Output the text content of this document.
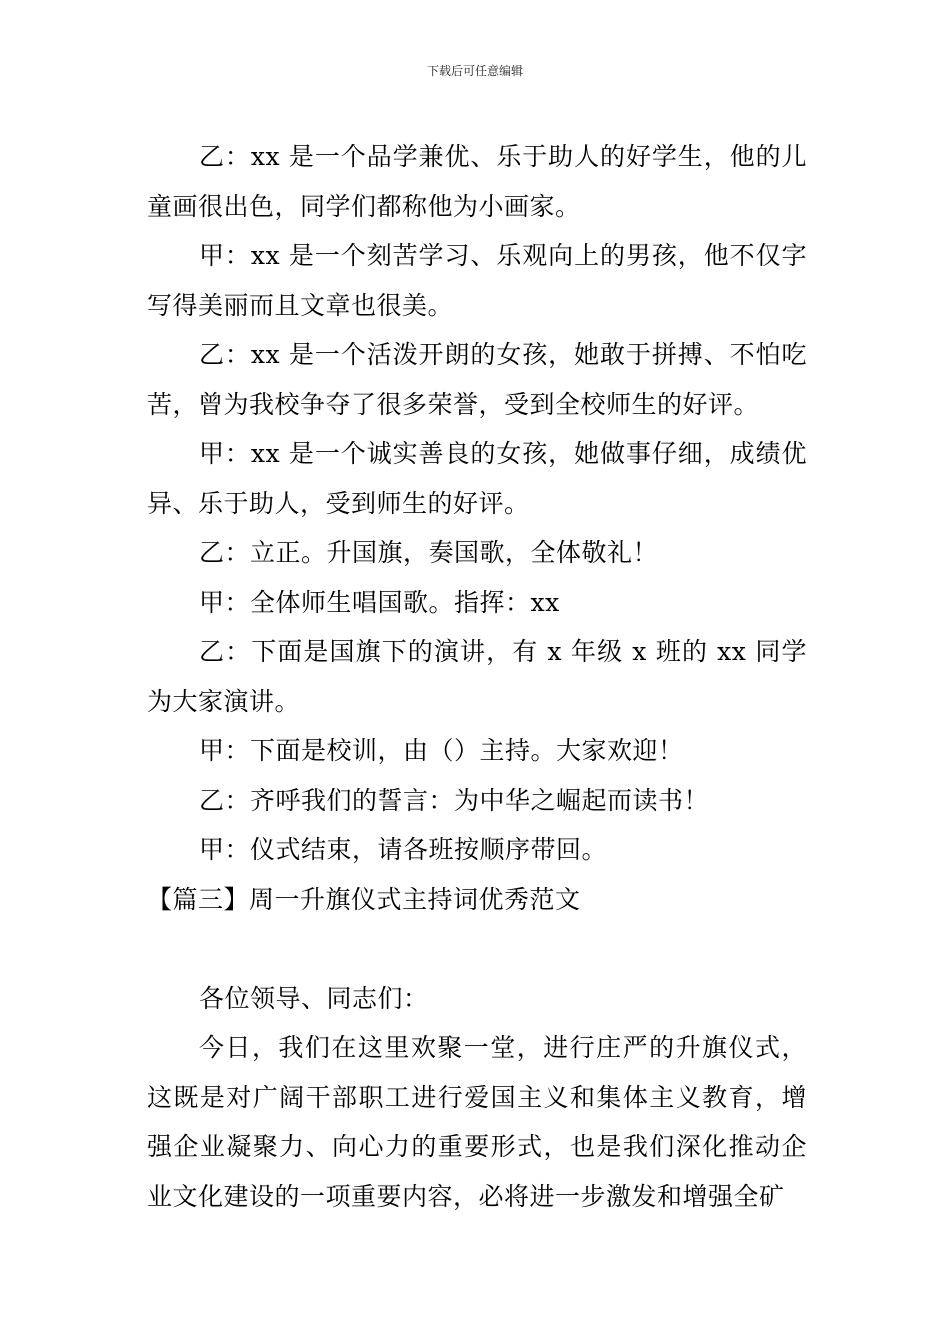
下载后可任意编辑

乙：xx 是一个品学兼优、乐于助人的好学生，他的儿童画很出色，同学们都称他为小画家。

甲：xx 是一个刻苦学习、乐观向上的男孩，他不仅字写得美丽而且文章也很美。

乙：xx 是一个活泼开朗的女孩，她敢于拼搏、不怕吃苦，曾为我校争夺了很多荣誉，受到全校师生的好评。

甲：xx 是一个诚实善良的女孩，她做事仔细，成绩优异、乐于助人，受到师生的好评。

乙：立正。升国旗，奏国歌，全体敬礼！

甲：全体师生唱国歌。指挥：xx

乙：下面是国旗下的演讲，有 x 年级 x 班的 xx 同学为大家演讲。

甲：下面是校训，由（）主持。大家欢迎！

乙：齐呼我们的誓言：为中华之崛起而读书！

甲：仪式结束，请各班按顺序带回。

【篇三】周一升旗仪式主持词优秀范文

各位领导、同志们：

今日，我们在这里欢聚一堂，进行庄严的升旗仪式，这既是对广阔干部职工进行爱国主义和集体主义教育，增强企业凝聚力、向心力的重要形式，也是我们深化推动企业文化建设的一项重要内容，必将进一步激发和增强全矿
